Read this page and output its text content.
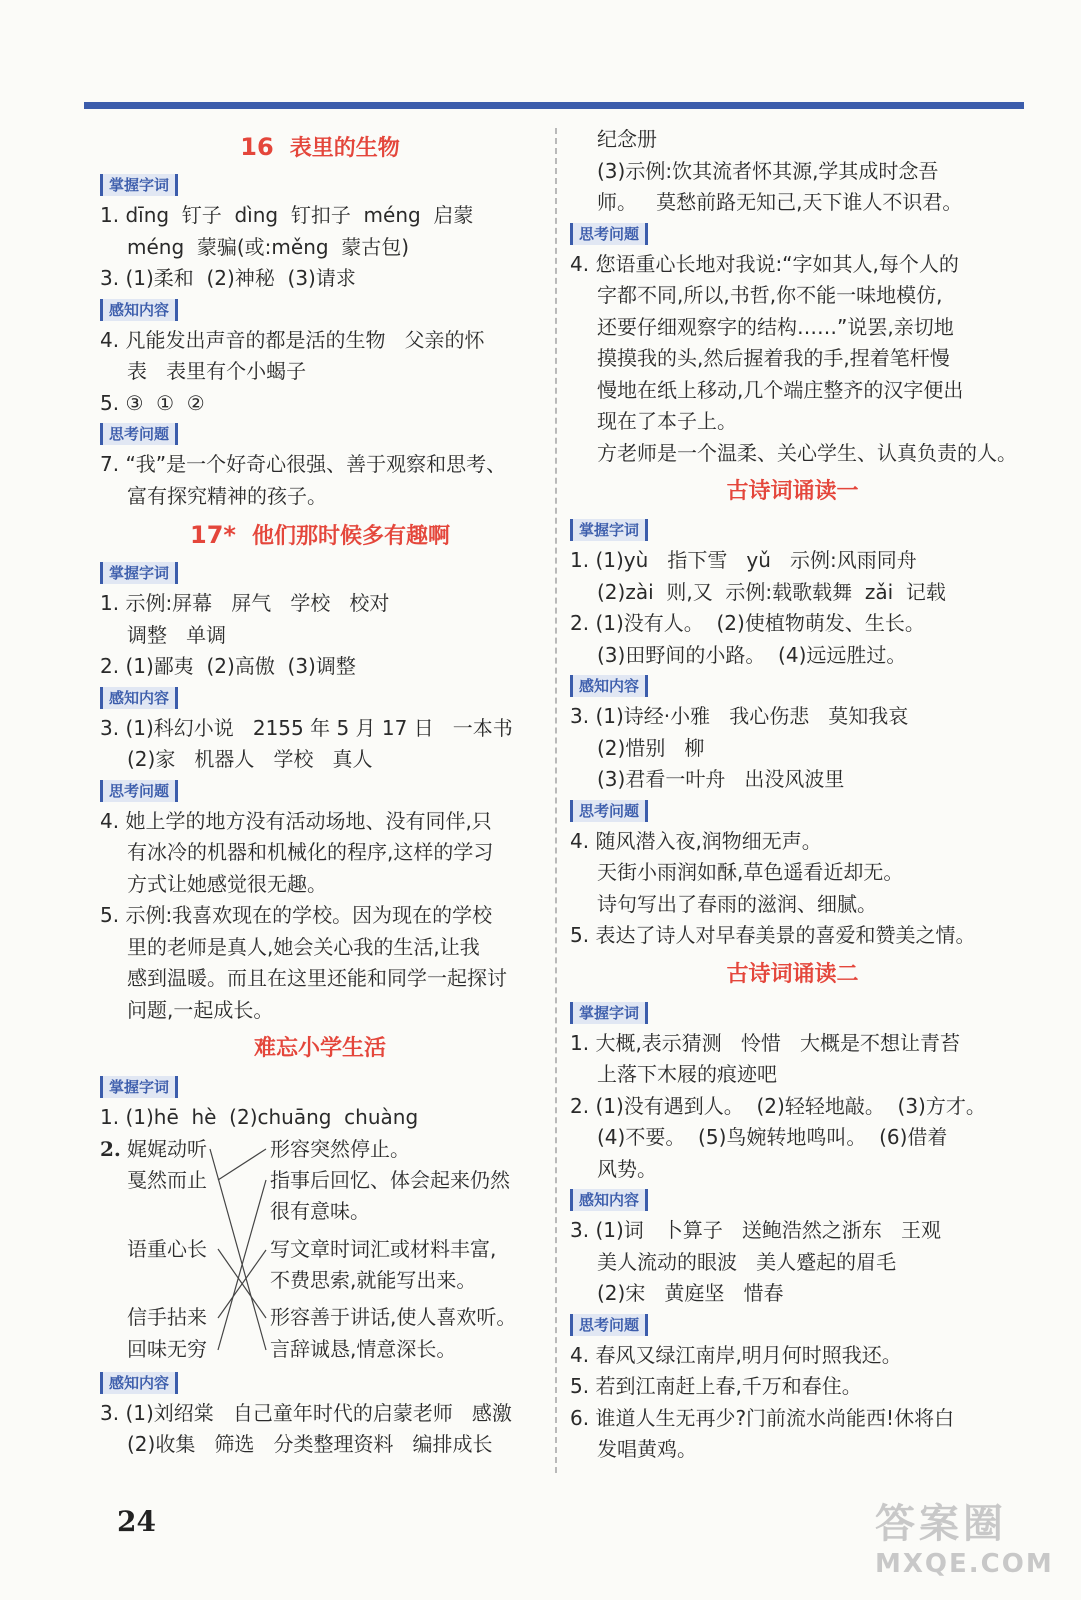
16 表里的生物
掌握字词
1. dīng  钉子  dìng  钉扣子  méng  启蒙
méng  蒙骗(或:měng  蒙古包)
3. (1)柔和  (2)神秘  (3)请求
感知内容
4. 凡能发出声音的都是活的生物   父亲的怀
表   表里有个小蝎子
5. ③  ①  ②
思考问题
7. “我”是一个好奇心很强、善于观察和思考、
富有探究精神的孩子。
17* 他们那时候多有趣啊
掌握字词
1. 示例:屏幕   屏气   学校   校对
调整   单调
2. (1)鄙夷  (2)高傲  (3)调整
感知内容
3. (1)科幻小说   2155 年 5 月 17 日   一本书
(2)家   机器人   学校   真人
思考问题
4. 她上学的地方没有活动场地、没有同伴,只
有冰冷的机器和机械化的程序,这样的学习
方式让她感觉很无趣。
5. 示例:我喜欢现在的学校。因为现在的学校
里的老师是真人,她会关心我的生活,让我
感到温暖。而且在这里还能和同学一起探讨
问题,一起成长。
难忘小学生活
掌握字词
1. (1)hē  hè  (2)chuāng  chuàng
2. 娓娓动听
戛然而止
语重心长
信手拈来
回味无穷
形容突然停止。
指事后回忆、体会起来仍然
很有意味。
写文章时词汇或材料丰富,
不费思索,就能写出来。
形容善于讲话,使人喜欢听。
言辞诚恳,情意深长。
感知内容
3. (1)刘绍棠   自己童年时代的启蒙老师   感激
(2)收集   筛选   分类整理资料   编排成长
纪念册
(3)示例:饮其流者怀其源,学其成时念吾
师。   莫愁前路无知己,天下谁人不识君。
思考问题
4. 您语重心长地对我说:“字如其人,每个人的
字都不同,所以,书哲,你不能一味地模仿,
还要仔细观察字的结构……”说罢,亲切地
摸摸我的头,然后握着我的手,捏着笔杆慢
慢地在纸上移动,几个端庄整齐的汉字便出
现在了本子上。
方老师是一个温柔、关心学生、认真负责的人。
古诗词诵读一
掌握字词
1. (1)yù   指下雪   yǔ   示例:风雨同舟
(2)zài  则,又  示例:载歌载舞  zǎi  记载
2. (1)没有人。  (2)使植物萌发、生长。
(3)田野间的小路。  (4)远远胜过。
感知内容
3. (1)诗经·小雅   我心伤悲   莫知我哀
(2)惜别   柳
(3)君看一叶舟   出没风波里
思考问题
4. 随风潜入夜,润物细无声。
天街小雨润如酥,草色遥看近却无。
诗句写出了春雨的滋润、细腻。
5. 表达了诗人对早春美景的喜爱和赞美之情。
古诗词诵读二
掌握字词
1. 大概,表示猜测   怜惜   大概是不想让青苔
上落下木屐的痕迹吧
2. (1)没有遇到人。  (2)轻轻地敲。  (3)方才。
(4)不要。  (5)鸟婉转地鸣叫。  (6)借着
风势。
感知内容
3. (1)词   卜算子   送鲍浩然之浙东   王观
美人流动的眼波   美人蹙起的眉毛
(2)宋   黄庭坚   惜春
思考问题
4. 春风又绿江南岸,明月何时照我还。
5. 若到江南赶上春,千万和春住。
6. 谁道人生无再少?门前流水尚能西!休将白
发唱黄鸡。
24	答案圈
MXQE.COM
